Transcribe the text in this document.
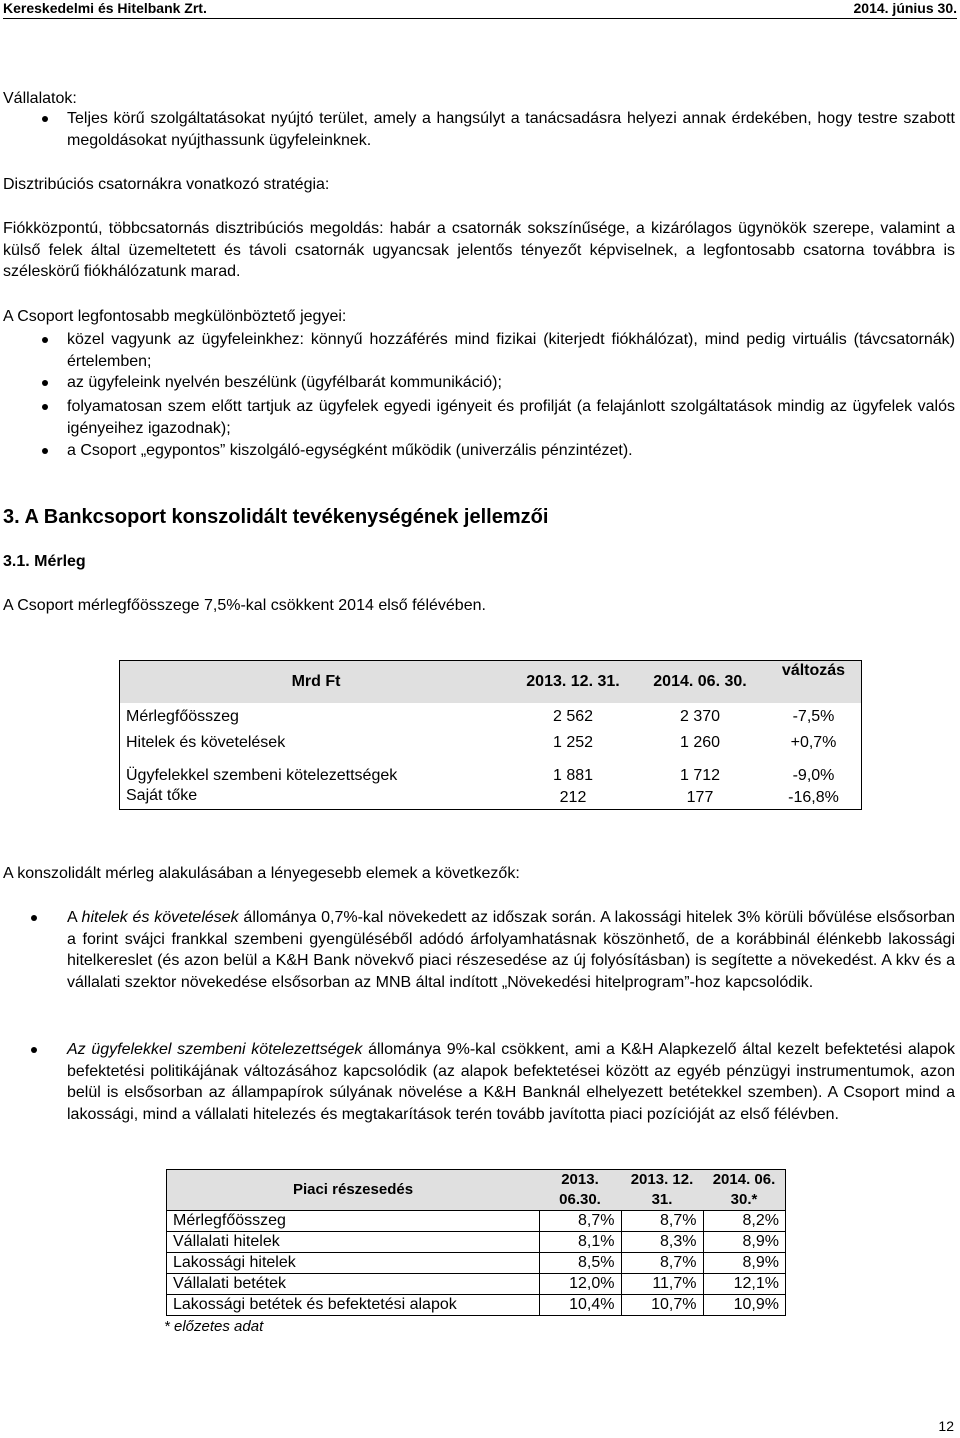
Kereskedelmi és Hitelbank Zrt.	2014. június 30.
Vállalatok:
Teljes körű szolgáltatásokat nyújtó terület, amely a hangsúlyt a tanácsadásra helyezi annak érdekében, hogy testre szabott megoldásokat nyújthassunk ügyfeleinknek.
Disztribúciós csatornákra vonatkozó stratégia:
Fiókközpontú, többcsatornás disztribúciós megoldás: habár a csatornák sokszínűsége, a kizárólagos ügynökök szerepe, valamint a külső felek által üzemeltetett és távoli csatornák ugyancsak jelentős tényezőt képviselnek, a legfontosabb csatorna továbbra is széleskörű fiókhálózatunk marad.
A Csoport legfontosabb megkülönböztető jegyei:
közel vagyunk az ügyfeleinkhez: könnyű hozzáférés mind fizikai (kiterjedt fiókhálózat), mind pedig virtuális (távcsatornák) értelemben;
az ügyfeleink nyelvén beszélünk (ügyfélbarát kommunikáció);
folyamatosan szem előtt tartjuk az ügyfelek egyedi igényeit és profilját (a felajánlott szolgáltatások mindig az ügyfelek valós igényeihez igazodnak);
a Csoport „egypontos” kiszolgáló-egységként működik (univerzális pénzintézet).
3. A Bankcsoport konszolidált tevékenységének jellemzői
3.1. Mérleg
A Csoport mérlegfőösszege 7,5%-kal csökkent 2014 első félévében.
Mrd Ft	2013. 12. 31.	2014. 06. 30.	változás
Mérlegfőösszeg	2 562	2 370	-7,5%
Hitelek és követelések	1 252	1 260	+0,7%
Ügyfelekkel szembeni kötelezettségek	1 881	1 712	-9,0%
Saját tőke	212	177	-16,8%
A konszolidált mérleg alakulásában a lényegesebb elemek a következők:
A hitelek és követelések állománya 0,7%-kal növekedett az időszak során. A lakossági hitelek 3% körüli bővülése elsősorban a forint svájci frankkal szembeni gyengüléséből adódó árfolyamhatásnak köszönhető, de a korábbinál élénkebb lakossági hitelkereslet (és azon belül a K&H Bank növekvő piaci részesedése az új folyósításban) is segítette a növekedést. A kkv és a vállalati szektor növekedése elsősorban az MNB által indított „Növekedési hitelprogram”-hoz kapcsolódik.
Az ügyfelekkel szembeni kötelezettségek állománya 9%-kal csökkent, ami a K&H Alapkezelő által kezelt befektetési alapok befektetési politikájának változásához kapcsolódik (az alapok befektetései között az egyéb pénzügyi instrumentumok, azon belül is elsősorban az állampapírok súlyának növelése a K&H Banknál elhelyezett betétekkel szemben). A Csoport mind a lakossági, mind a vállalati hitelezés és megtakarítások terén tovább javította piaci pozícióját az első félévben.
Piaci részesedés	2013. 06.30.	2013. 12. 31.	2014. 06. 30.*
Mérlegfőösszeg	8,7%	8,7%	8,2%
Vállalati hitelek	8,1%	8,3%	8,9%
Lakossági hitelek	8,5%	8,7%	8,9%
Vállalati betétek	12,0%	11,7%	12,1%
Lakossági betétek és befektetési alapok	10,4%	10,7%	10,9%
* előzetes adat
12
